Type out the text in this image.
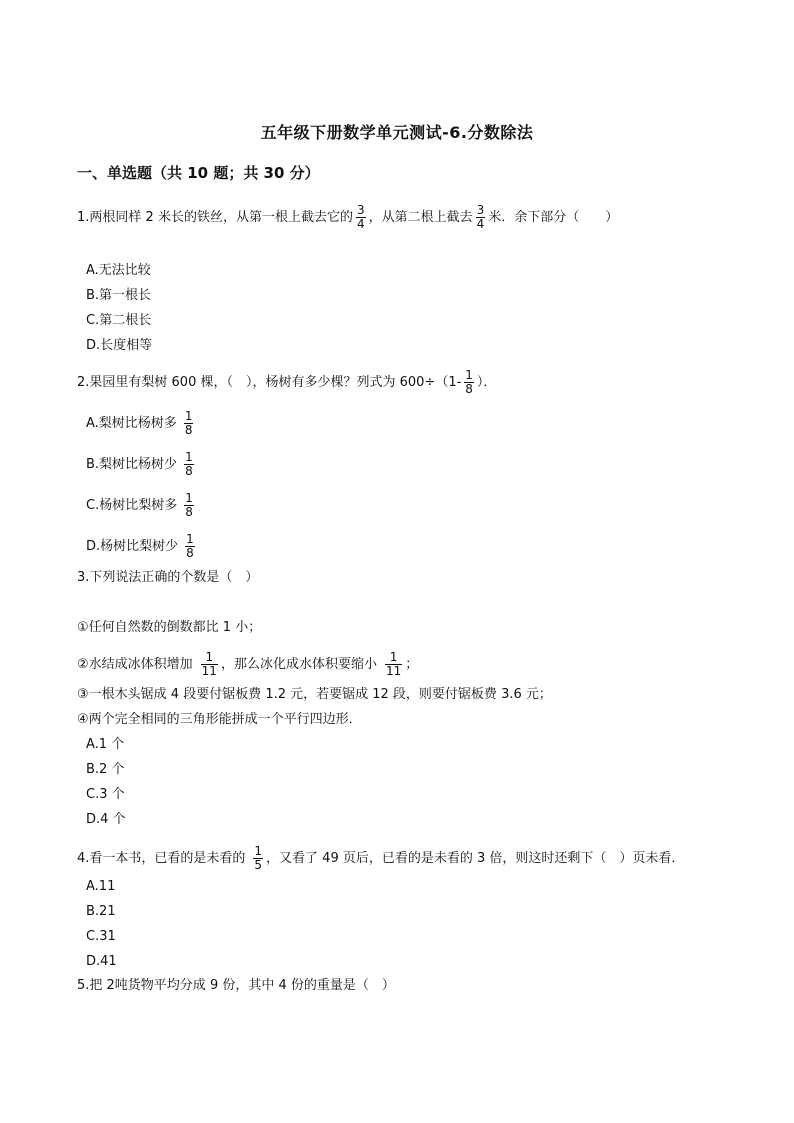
五年级下册数学单元测试-6.分数除法
一、单选题（共 10 题；共 30 分）
1.两根同样 2 米长的铁丝，从第一根上截去它的 $\frac{3}{4}$ ，从第二根上截去 $\frac{3}{4}$ 米．余下部分（　　）
A.无法比较
B.第一根长
C.第二根长
D.长度相等
2.果园里有梨树 600 棵，（　），杨树有多少棵？列式为 $600\div(1- \frac{1}{8}$ ）．
A.梨树比杨树多 $\frac{1}{8}$
B.梨树比杨树少 $\frac{1}{8}$
C.杨树比梨树多 $\frac{1}{8}$
D.杨树比梨树少 $\frac{1}{8}$
3.下列说法正确的个数是（　）
①任何自然数的倒数都比 1 小；
②水结成冰体积增加 $\frac{1}{11}$ ，那么冰化成水体积要缩小 $\frac{1}{11}$ ；
③一根木头锯成 4 段要付锯板费 1.2 元，若要锯成 12 段，则要付锯板费 3.6 元；
④两个完全相同的三角形能拼成一个平行四边形．
A.1 个
B.2 个
C.3 个
D.4 个
4.看一本书，已看的是未看的 $\frac{1}{5}$ ，又看了 49 页后，已看的是未看的 3 倍，则这时还剩下（　）页未看．
A.11
B.21
C.31
D.41
5.把 2吨货物平均分成 9 份，其中 4 份的重量是（　）
